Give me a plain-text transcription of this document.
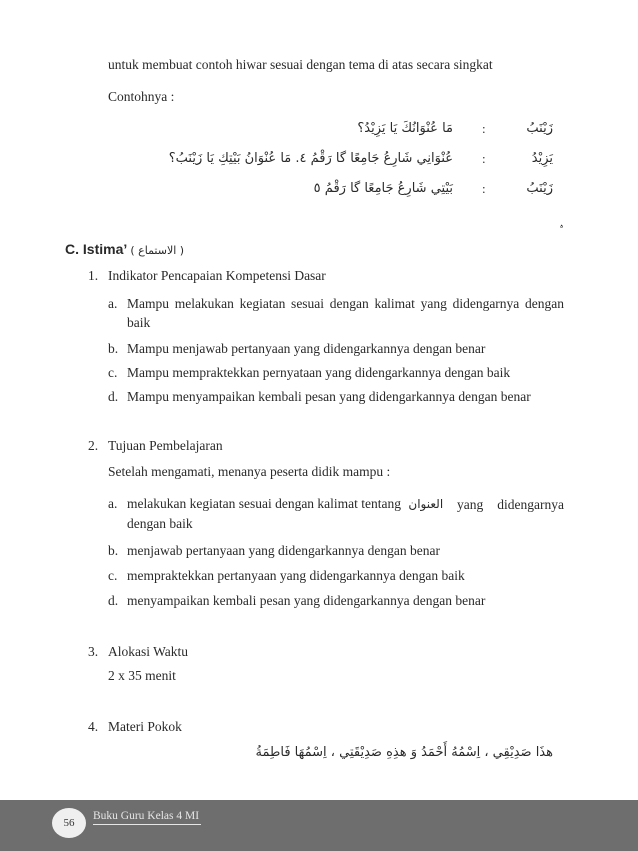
untuk membuat contoh hiwar sesuai dengan tema di atas secara singkat
Contohnya :
زَيْنَبُ
:
مَا عُنْوَانُكَ يَا يَزِيْدُ؟
يَزِيْدُ
:
عُنْوَانِي شَارِعُ جَامِعًا گا رَقْمُ ٤. مَا عُنْوَانُ بَيْتِكِ يَا زَيْنَبُ؟
زَيْنَبُ
:
بَيْتِي شَارِعُ جَامِعًا گا رَقْمُ ٥
ﮦ
C. Istima’ ( الاستماع )
1. Indikator Pencapaian Kompetensi Dasar
a. Mampu melakukan kegiatan sesuai dengan kalimat yang didengarnya dengan baik
b. Mampu menjawab pertanyaan yang didengarkannya dengan benar
c. Mampu mempraktekkan pernyataan yang didengarkannya dengan baik
d. Mampu menyampaikan kembali pesan yang didengarkannya dengan benar
2. Tujuan Pembelajaran
Setelah mengamati, menanya peserta didik mampu :
a. melakukan kegiatan sesuai dengan kalimat tentang العنوان	yang didengarnya dengan baik
b. menjawab pertanyaan yang didengarkannya dengan benar
c. mempraktekkan pertanyaan yang didengarkannya dengan baik
d. menyampaikan kembali pesan yang didengarkannya dengan benar
3. Alokasi Waktu
2 x 35 menit
4. Materi Pokok
هذَا صَدِيْقِي ، اِسْمُهُ أَحْمَدُ وَ هذِهِ صَدِيْقَتِي ، اِسْمُهَا فَاطِمَةُ
56
Buku Guru Kelas 4 MI
